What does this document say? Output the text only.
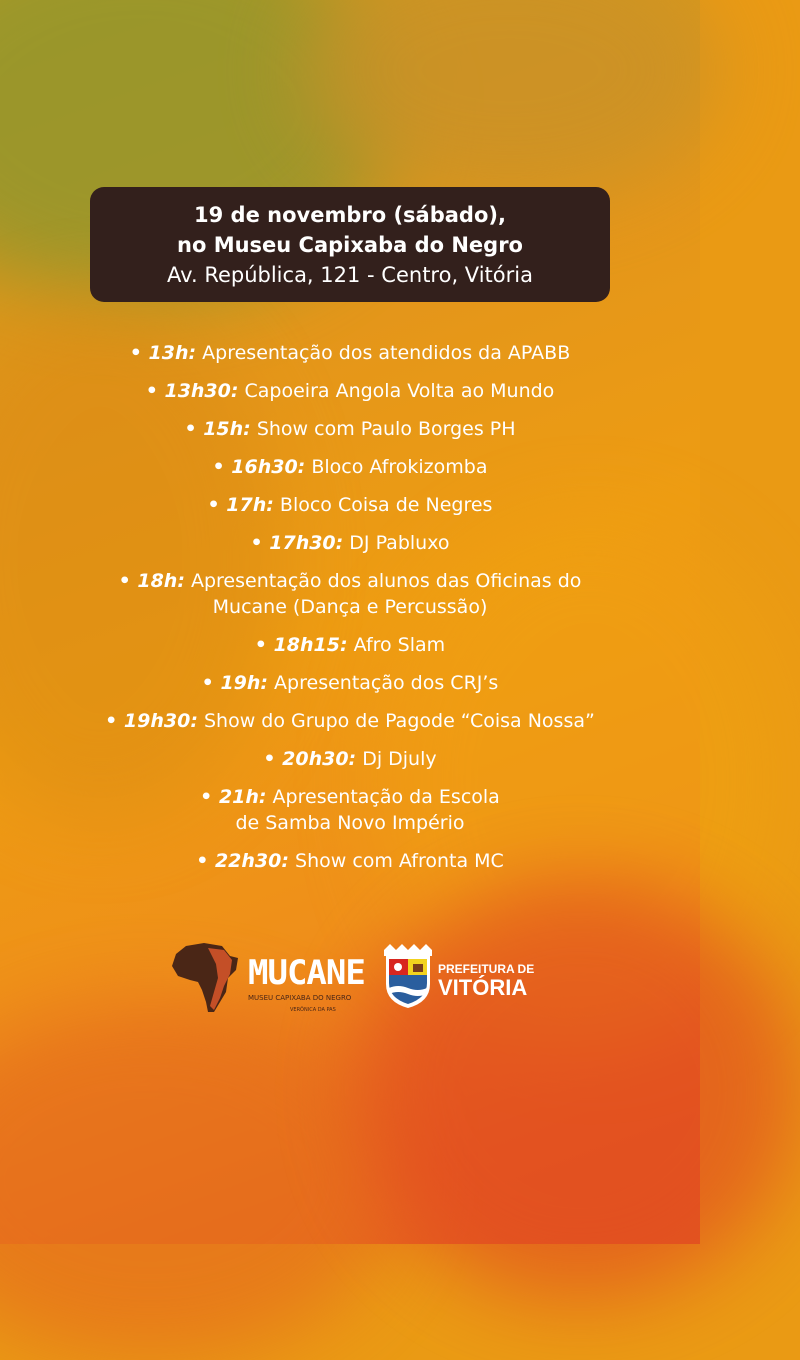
19 de novembro (sábado),
no Museu Capixaba do Negro
Av. República, 121 - Centro, Vitória
• 13h: Apresentação dos atendidos da APABB
• 13h30: Capoeira Angola Volta ao Mundo
• 15h: Show com Paulo Borges PH
• 16h30: Bloco Afrokizomba
• 17h: Bloco Coisa de Negres
• 17h30: DJ Pabluxo
• 18h: Apresentação dos alunos das Oficinas do
Mucane (Dança e Percussão)
• 18h15: Afro Slam
• 19h: Apresentação dos CRJ’s
• 19h30: Show do Grupo de Pagode “Coisa Nossa”
• 20h30: Dj Djuly
• 21h: Apresentação da Escola
de Samba Novo Império
• 22h30: Show com Afronta MC
MUCANE
MUSEU CAPIXABA DO NEGRO
VERÔNICA DA PAS
PREFEITURA DE
VITÓRIA
